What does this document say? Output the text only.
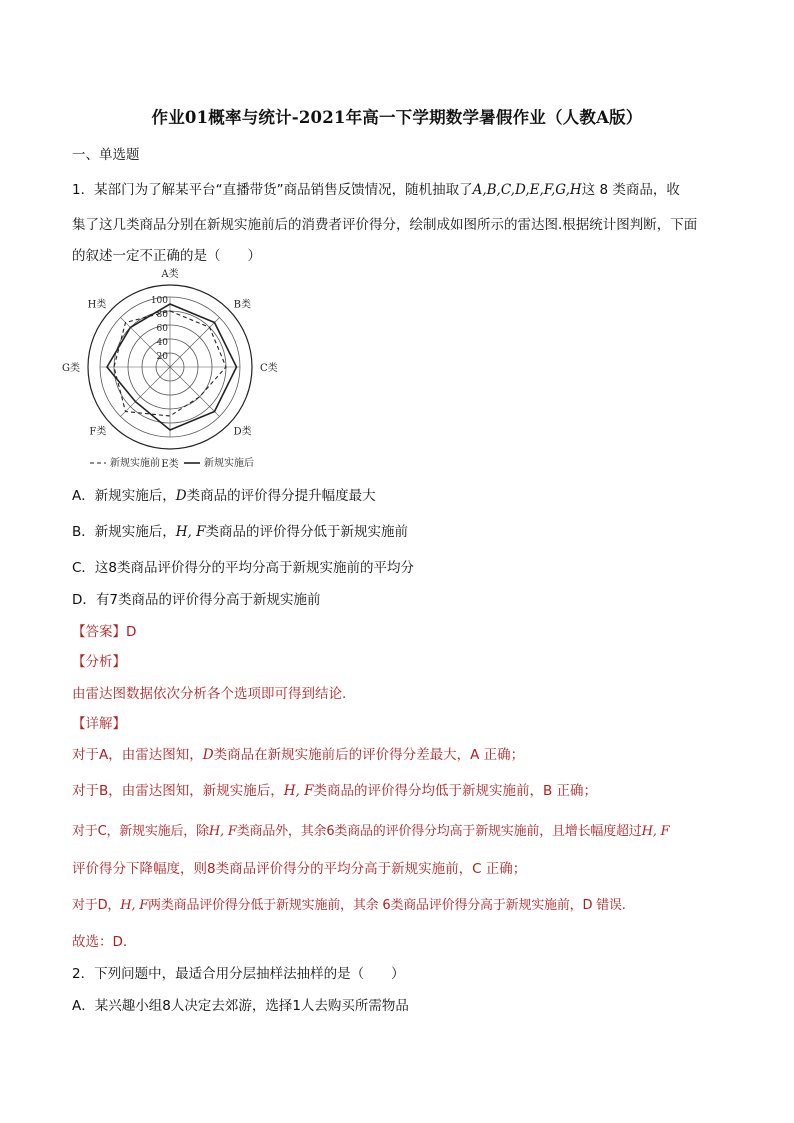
作业01概率与统计-2021年高一下学期数学暑假作业（人教A版）
一、单选题
1．某部门为了解某平台“直播带货”商品销售反馈情况，随机抽取了A,B,C,D,E,F,G,H这 8 类商品，收
集了这几类商品分别在新规实施前后的消费者评价得分，绘制成如图所示的雷达图.根据统计图判断，下面
的叙述一定不正确的是（　　）
20
40
60
80
100
A类
B类
C类
D类
E类
F类
G类
H类
新规实施前	新规实施后
A．新规实施后，D类商品的评价得分提升幅度最大
B．新规实施后，H, F类商品的评价得分低于新规实施前
C．这8类商品评价得分的平均分高于新规实施前的平均分
D．有7类商品的评价得分高于新规实施前
【答案】D
【分析】
由雷达图数据依次分析各个选项即可得到结论.
【详解】
对于A，由雷达图知，D类商品在新规实施前后的评价得分差最大，A 正确；
对于B，由雷达图知，新规实施后，H, F类商品的评价得分均低于新规实施前，B 正确；
对于C，新规实施后，除H, F类商品外，其余6类商品的评价得分均高于新规实施前，且增长幅度超过H, F
评价得分下降幅度，则8类商品评价得分的平均分高于新规实施前，C 正确；
对于D，H, F两类商品评价得分低于新规实施前，其余 6类商品评价得分高于新规实施前，D 错误.
故选：D.
2．下列问题中，最适合用分层抽样法抽样的是（　　）
A．某兴趣小组8人决定去郊游，选择1人去购买所需物品
